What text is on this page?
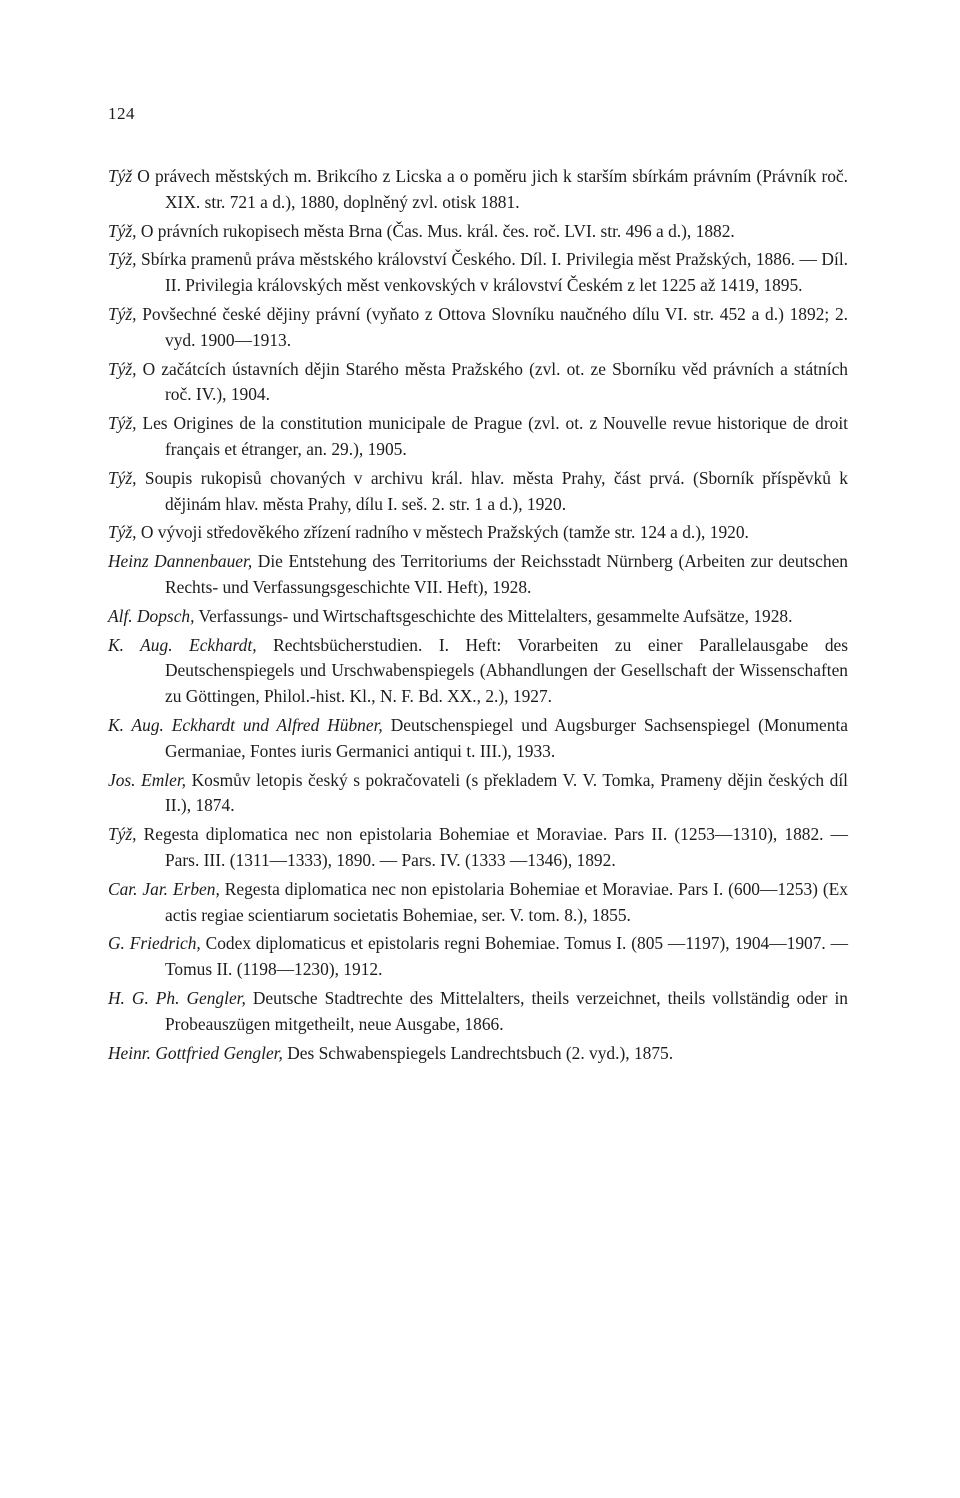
124
Týž O právech městských m. Brikcího z Licska a o poměru jich k starším sbírkám právním (Právník roč. XIX. str. 721 a d.), 1880, doplněný zvl. otisk 1881.
Týž, O právních rukopisech města Brna (Čas. Mus. král. čes. roč. LVI. str. 496 a d.), 1882.
Týž, Sbírka pramenů práva městského království Českého. Díl. I. Privilegia měst Pražských, 1886. — Díl. II. Privilegia královských měst venkovských v království Českém z let 1225 až 1419, 1895.
Týž, Povšechné české dějiny právní (vyňato z Ottova Slovníku naučného dílu VI. str. 452 a d.) 1892; 2. vyd. 1900—1913.
Týž, O začátcích ústavních dějin Starého města Pražského (zvl. ot. ze Sborníku věd právních a státních roč. IV.), 1904.
Týž, Les Origines de la constitution municipale de Prague (zvl. ot. z Nouvelle revue historique de droit français et étranger, an. 29.), 1905.
Týž, Soupis rukopisů chovaných v archivu král. hlav. města Prahy, část prvá. (Sborník příspěvků k dějinám hlav. města Prahy, dílu I. seš. 2. str. 1 a d.), 1920.
Týž, O vývoji středověkého zřízení radního v městech Pražských (tamže str. 124 a d.), 1920.
Heinz Dannenbauer, Die Entstehung des Territoriums der Reichsstadt Nürnberg (Arbeiten zur deutschen Rechts- und Verfassungsgeschichte VII. Heft), 1928.
Alf. Dopsch, Verfassungs- und Wirtschaftsgeschichte des Mittelalters, gesammelte Aufsätze, 1928.
K. Aug. Eckhardt, Rechtsbücherstudien. I. Heft: Vorarbeiten zu einer Parallelausgabe des Deutschenspiegels und Urschwabenspiegels (Abhandlungen der Gesellschaft der Wissenschaften zu Göttingen, Philol.-hist. Kl., N. F. Bd. XX., 2.), 1927.
K. Aug. Eckhardt und Alfred Hübner, Deutschenspiegel und Augsburger Sachsenspiegel (Monumenta Germaniae, Fontes iuris Germanici antiqui t. III.), 1933.
Jos. Emler, Kosmův letopis český s pokračovateli (s překladem V. V. Tomka, Prameny dějin českých díl II.), 1874.
Týž, Regesta diplomatica nec non epistolaria Bohemiae et Moraviae. Pars II. (1253—1310), 1882. — Pars. III. (1311—1333), 1890. — Pars. IV. (1333 —1346), 1892.
Car. Jar. Erben, Regesta diplomatica nec non epistolaria Bohemiae et Moraviae. Pars I. (600—1253) (Ex actis regiae scientiarum societatis Bohemiae, ser. V. tom. 8.), 1855.
G. Friedrich, Codex diplomaticus et epistolaris regni Bohemiae. Tomus I. (805 —1197), 1904—1907. — Tomus II. (1198—1230), 1912.
H. G. Ph. Gengler, Deutsche Stadtrechte des Mittelalters, theils verzeichnet, theils vollständig oder in Probeauszügen mitgetheilt, neue Ausgabe, 1866.
Heinr. Gottfried Gengler, Des Schwabenspiegels Landrechtsbuch (2. vyd.), 1875.
